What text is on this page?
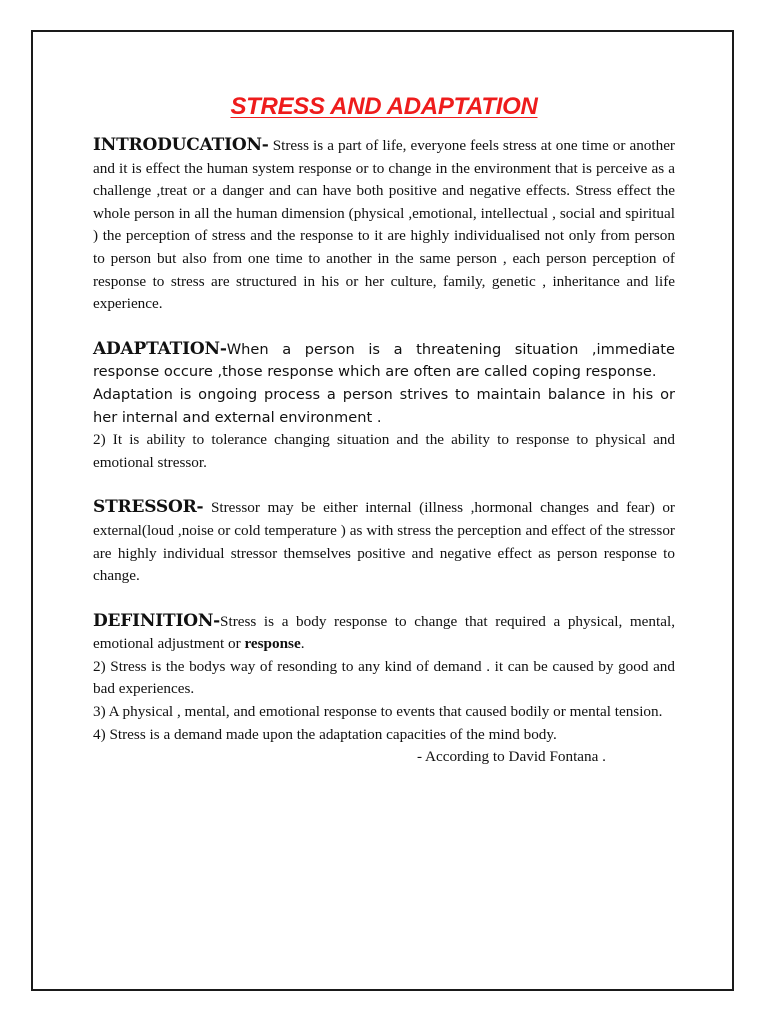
STRESS AND ADAPTATION

INTRODUCATION- Stress is a part of life, everyone feels stress at one time or another and it is effect the human system response or to change in the environment that is perceive as a challenge ,treat or a danger and can have both positive and negative effects. Stress effect the whole person in all the human dimension (physical ,emotional, intellectual , social and spiritual ) the perception of stress and the response to it are highly individualised not only from person to person but also from one time to another in the same person , each person perception of response to stress are structured in his or her culture, family, genetic , inheritance and life experience.

ADAPTATION-When a person is a threatening situation ,immediate response occure ,those response which are often are called coping response.

Adaptation is ongoing process a person strives to maintain balance in his or her internal and external environment .

2) It is ability to tolerance changing situation and the ability to response to physical and emotional stressor.

STRESSOR- Stressor may be either internal (illness ,hormonal changes and fear) or external(loud ,noise or cold temperature ) as with stress the perception and effect of the stressor are highly individual stressor themselves positive and negative effect as person response to change.

DEFINITION-Stress is a body response to change that required a physical, mental, emotional adjustment or response.

2) Stress is the bodys way of resonding to any kind of demand . it can be caused by good and bad experiences.

3) A physical , mental, and emotional response to events that caused bodily or mental tension.

4) Stress is a demand made upon the adaptation capacities of the mind body.

- According to David Fontana .
